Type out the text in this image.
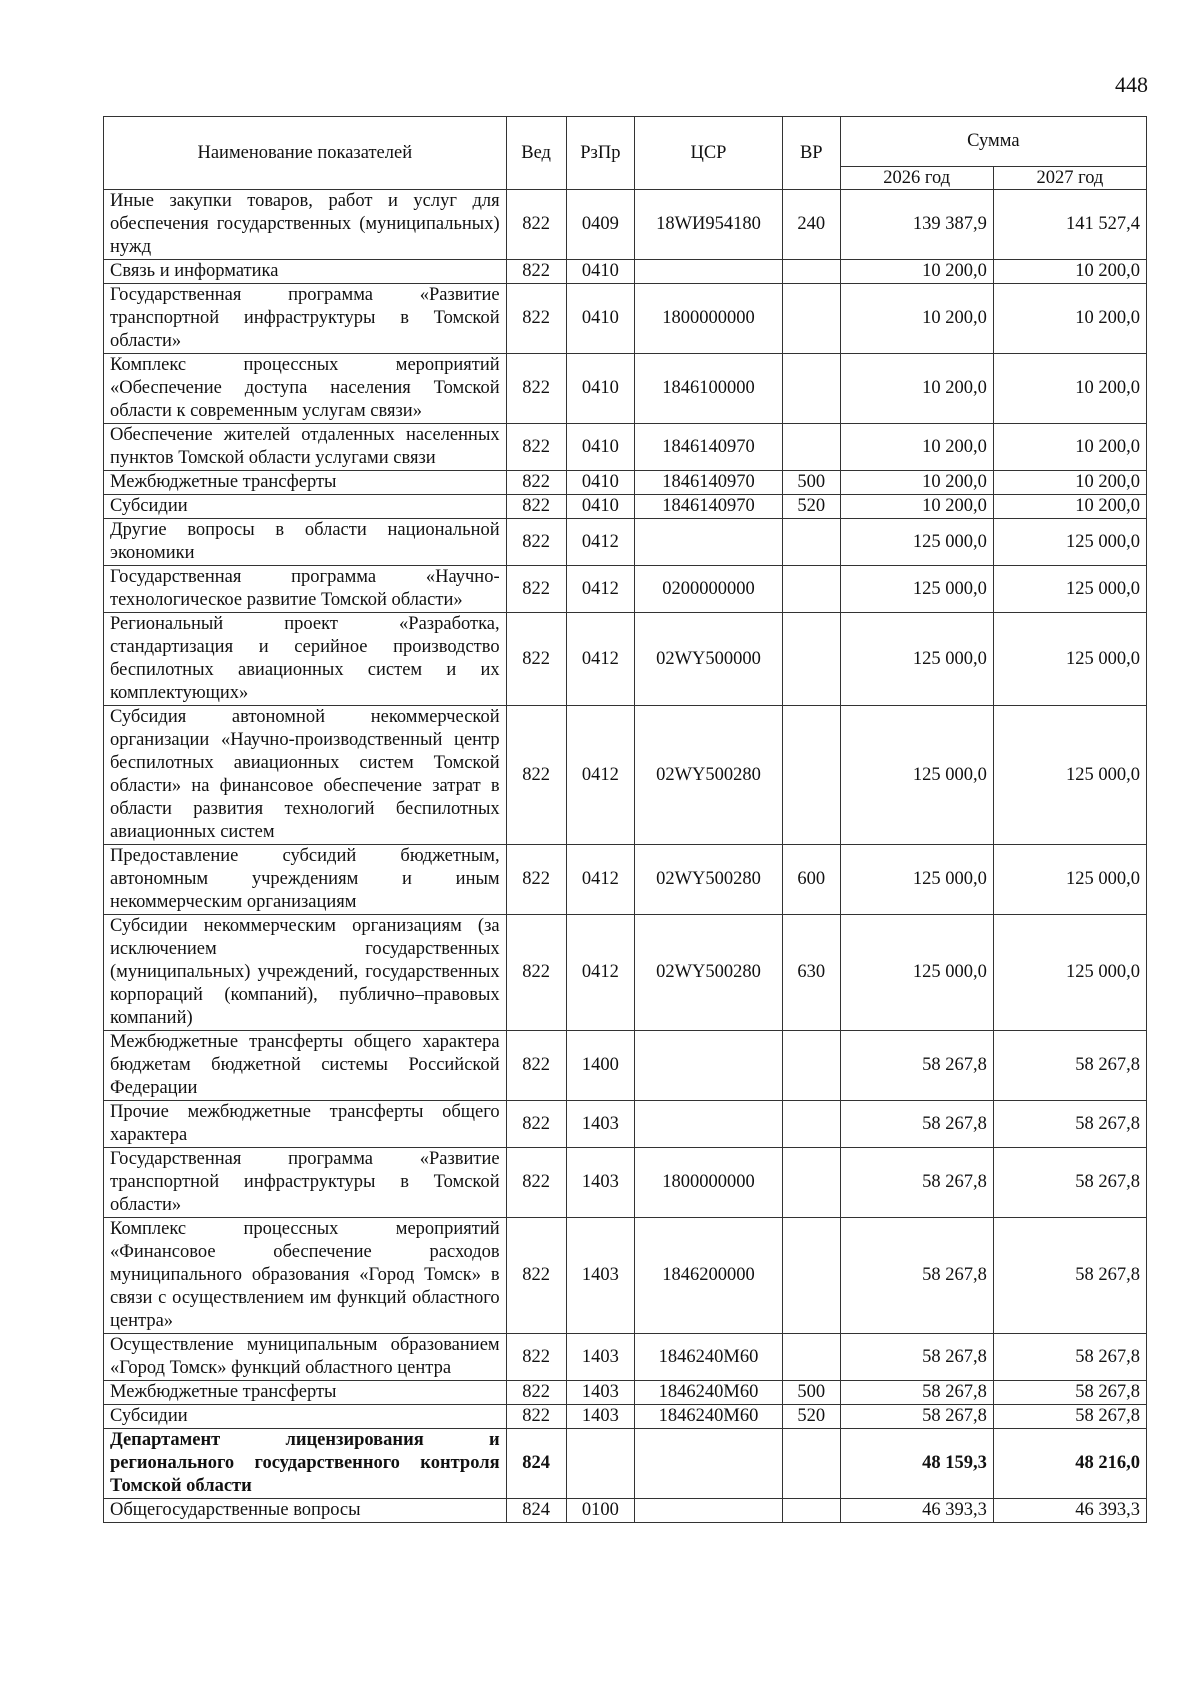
448
Наименование показателей	Вед	РзПр	ЦСР	ВР	Сумма	
					2026 год	2027 год
Иные закупки товаров, работ и услуг для обеспечения государственных (муниципальных) нужд	822	0409	18WИ954180	240	139 387,9	141 527,4
Связь и информатика	822	0410			10 200,0	10 200,0
Государственная программа «Развитие транспортной инфраструктуры в Томской области»	822	0410	1800000000		10 200,0	10 200,0
Комплекс процессных мероприятий «Обеспечение доступа населения Томской области к современным услугам связи»	822	0410	1846100000		10 200,0	10 200,0
Обеспечение жителей отдаленных населенных пунктов Томской области услугами связи	822	0410	1846140970		10 200,0	10 200,0
Межбюджетные трансферты	822	0410	1846140970	500	10 200,0	10 200,0
Субсидии	822	0410	1846140970	520	10 200,0	10 200,0
Другие вопросы в области национальной экономики	822	0412			125 000,0	125 000,0
Государственная программа «Научно-технологическое развитие Томской области»	822	0412	0200000000		125 000,0	125 000,0
Региональный проект «Разработка, стандартизация и серийное производство беспилотных авиационных систем и их комплектующих»	822	0412	02WY500000		125 000,0	125 000,0
Субсидия автономной некоммерческой организации «Научно-производственный центр беспилотных авиационных систем Томской области» на финансовое обеспечение затрат в области развития технологий беспилотных авиационных систем	822	0412	02WY500280		125 000,0	125 000,0
Предоставление субсидий бюджетным, автономным учреждениям и иным некоммерческим организациям	822	0412	02WY500280	600	125 000,0	125 000,0
Субсидии некоммерческим организациям (за исключением государственных (муниципальных) учреждений, государственных корпораций (компаний), публично–правовых компаний)	822	0412	02WY500280	630	125 000,0	125 000,0
Межбюджетные трансферты общего характера бюджетам бюджетной системы Российской Федерации	822	1400			58 267,8	58 267,8
Прочие межбюджетные трансферты общего характера	822	1403			58 267,8	58 267,8
Государственная программа «Развитие транспортной инфраструктуры в Томской области»	822	1403	1800000000		58 267,8	58 267,8
Комплекс процессных мероприятий «Финансовое обеспечение расходов муниципального образования «Город Томск» в связи с осуществлением им функций областного центра»	822	1403	1846200000		58 267,8	58 267,8
Осуществление муниципальным образованием «Город Томск» функций областного центра	822	1403	1846240М60		58 267,8	58 267,8
Межбюджетные трансферты	822	1403	1846240М60	500	58 267,8	58 267,8
Субсидии	822	1403	1846240М60	520	58 267,8	58 267,8
Департамент лицензирования и регионального государственного контроля Томской области	824				48 159,3	48 216,0
Общегосударственные вопросы	824	0100			46 393,3	46 393,3
